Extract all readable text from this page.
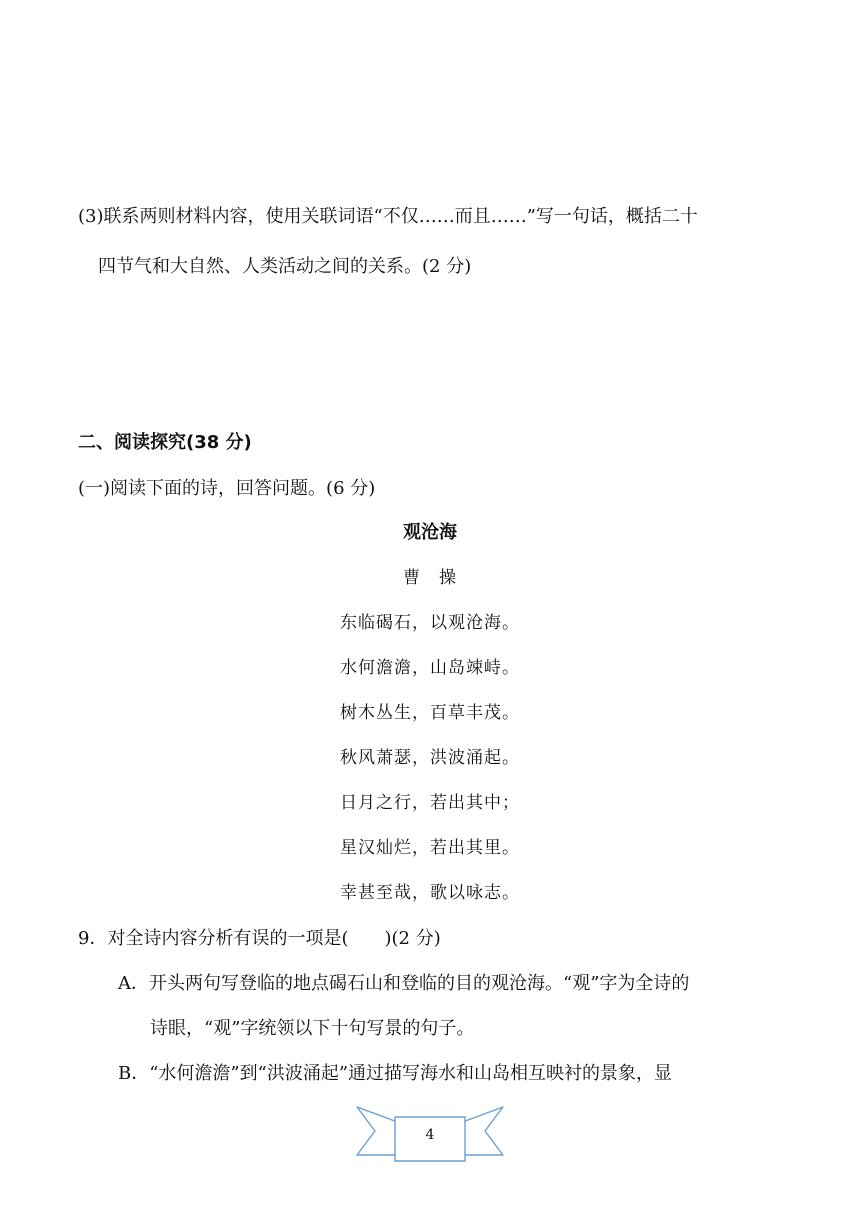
(3)联系两则材料内容，使用关联词语“不仅……而且……”写一句话，概括二十
四节气和大自然、人类活动之间的关系。(2 分)
二、阅读探究(38 分)
(一)阅读下面的诗，回答问题。(6 分)
观沧海
曹　操
东临碣石，以观沧海。
水何澹澹，山岛竦峙。
树木丛生，百草丰茂。
秋风萧瑟，洪波涌起。
日月之行，若出其中；
星汉灿烂，若出其里。
幸甚至哉，歌以咏志。
9．对全诗内容分析有误的一项是(　　)(2 分)
A．开头两句写登临的地点碣石山和登临的目的观沧海。“观”字为全诗的
诗眼，“观”字统领以下十句写景的句子。
B．“水何澹澹”到“洪波涌起”通过描写海水和山岛相互映衬的景象，显
4
